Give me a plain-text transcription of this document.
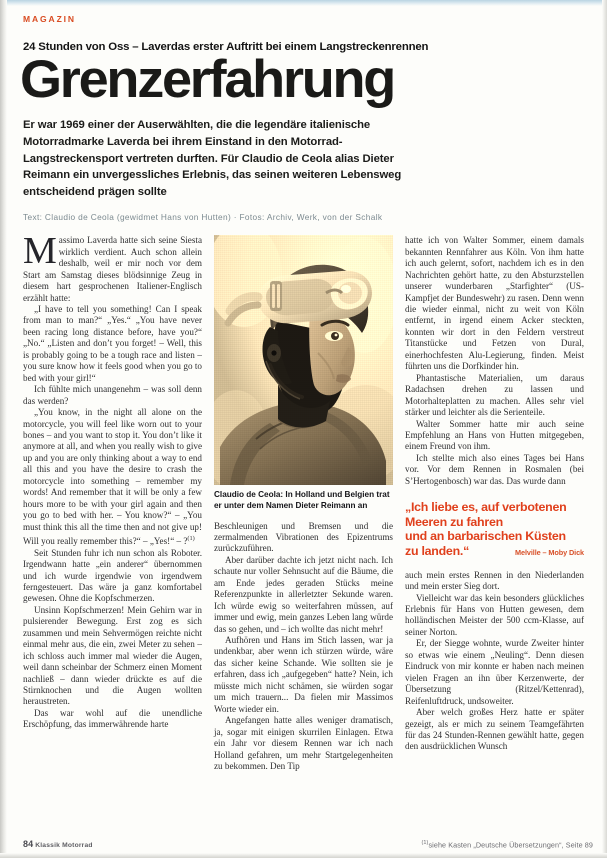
MAGAZIN
24 Stunden von Oss – Laverdas erster Auftritt bei einem Langstreckenrennen
Grenzerfahrung
Er war 1969 einer der Auserwählten, die die legendäre italienische Motorradmarke Laverda bei ihrem Einstand in den Motorrad-Langstreckensport vertreten durften. Für Claudio de Ceola alias Dieter Reimann ein unvergessliches Erlebnis, das seinen weiteren Lebensweg entscheidend prägen sollte
Text: Claudio de Ceola (gewidmet Hans von Hutten) · Fotos: Archiv, Werk, von der Schalk

Massimo Laverda hatte sich seine Siesta wirklich verdient. Auch schon allein deshalb, weil er mir noch vor dem Start am Samstag dieses blödsinnige Zeug in diesem hart gesprochenen Italiener-Englisch erzählt hatte:

„I have to tell you something! Can I speak from man to man?“ „Yes.“ „You have never been racing long distance before, have you?“ „No.“ „Listen and don’t you forget! – Well, this is probably going to be a tough race and listen – you sure know how it feels good when you go to bed with your girl!“

Ich fühlte mich unangenehm – was soll denn das werden?

„You know, in the night all alone on the motorcycle, you will feel like worn out to your bones – and you want to stop it. You don’t like it anymore at all, and when you really wish to give up and you are only thinking about a way to end all this and you have the desire to crash the motorcycle into something – remember my words! And remember that it will be only a few hours more to be with your girl again and then you go to bed with her. – You know?“ – „You must think this all the time then and not give up! Will you really remember this?“ – „Yes!“ – ?$^{(1)}$

Seit Stunden fuhr ich nun schon als Roboter. Irgendwann hatte „ein anderer“ übernommen und ich wurde irgendwie von irgendwem ferngesteuert. Das wäre ja ganz komfortabel gewesen. Ohne die Kopfschmerzen.

Unsinn Kopfschmerzen! Mein Gehirn war in pulsierender Bewegung. Erst zog es sich zusammen und mein Sehvermögen reichte nicht einmal mehr aus, die ein, zwei Meter zu sehen – ich schloss auch immer mal wieder die Augen, weil dann scheinbar der Schmerz einen Moment nachließ – dann wieder drückte es auf die Stirnknochen und die Augen wollten heraustreten.

Das war wohl auf die unendliche Erschöpfung, das immerwährende harte

Claudio de Ceola: In Holland und Belgien trat er unter dem Namen Dieter Reimann an

Beschleunigen und Bremsen und die zermalmenden Vibrationen des Epizentrums zurückzuführen.

Aber darüber dachte ich jetzt nicht nach. Ich schaute nur voller Sehnsucht auf die Bäume, die am Ende jedes geraden Stücks meine Referenzpunkte in allerletzter Sekunde waren. Ich würde ewig so weiterfahren müssen, auf immer und ewig, mein ganzes Leben lang würde das so gehen, und – ich wollte das nicht mehr!

Aufhören und Hans im Stich lassen, war ja undenkbar, aber wenn ich stürzen würde, wäre das sicher keine Schande. Wie sollten sie je erfahren, dass ich „aufgegeben“ hatte? Nein, ich müsste mich nicht schämen, sie würden sogar um mich trauern... Da fielen mir Massimos Worte wieder ein.

Angefangen hatte alles weniger dramatisch, ja, sogar mit einigen skurrilen Einlagen. Etwa ein Jahr vor diesem Rennen war ich nach Holland gefahren, um mehr Startgelegenheiten zu bekommen. Den Tip

hatte ich von Walter Sommer, einem damals bekannten Rennfahrer aus Köln. Von ihm hatte ich auch gelernt, sofort, nachdem ich es in den Nachrichten gehört hatte, zu den Absturzstellen unserer wunderbaren „Starfighter“ (US-Kampfjet der Bundeswehr) zu rasen. Denn wenn die wieder einmal, nicht zu weit von Köln entfernt, in irgend einem Acker steckten, konnten wir dort in den Feldern verstreut Titanstücke und Fetzen von Dural, einerhochfesten Alu-Legierung, finden. Meist führten uns die Dorfkinder hin.

Phantastische Materialien, um daraus Radachsen drehen zu lassen und Motorhalteplatten zu machen. Alles sehr viel stärker und leichter als die Serienteile.

Walter Sommer hatte mir auch seine Empfehlung an Hans von Hutten mitgegeben, einem Freund von ihm.

Ich stellte mich also eines Tages bei Hans vor. Vor dem Rennen in Rosmalen (bei S’Hertogenbosch) war das. Das wurde dann

„Ich liebe es, auf verbotenen

Meeren zu fahren

und an barbarischen Küsten

zu landen.“	Melville – Moby Dick

auch mein erstes Rennen in den Niederlanden und mein erster Sieg dort.

Vielleicht war das kein besonders glückliches Erlebnis für Hans von Hutten gewesen, dem holländischen Meister der 500 ccm-Klasse, auf seiner Norton.

Er, der Siegge wohnte, wurde Zweiter hinter so etwas wie einem „Neuling“. Denn diesen Eindruck von mir konnte er haben nach meinen vielen Fragen an ihn über Kerzenwerte, der Übersetzung (Ritzel/Kettenrad), Reifenluftdruck, undsoweiter.

Aber welch großes Herz hatte er später gezeigt, als er mich zu seinem Teamgefährten für das 24 Stunden-Rennen gewählt hatte, gegen den ausdrücklichen Wunsch

84 Klassik Motorrad	$^{(1)}$siehe Kasten „Deutsche Übersetzungen“, Seite 89
